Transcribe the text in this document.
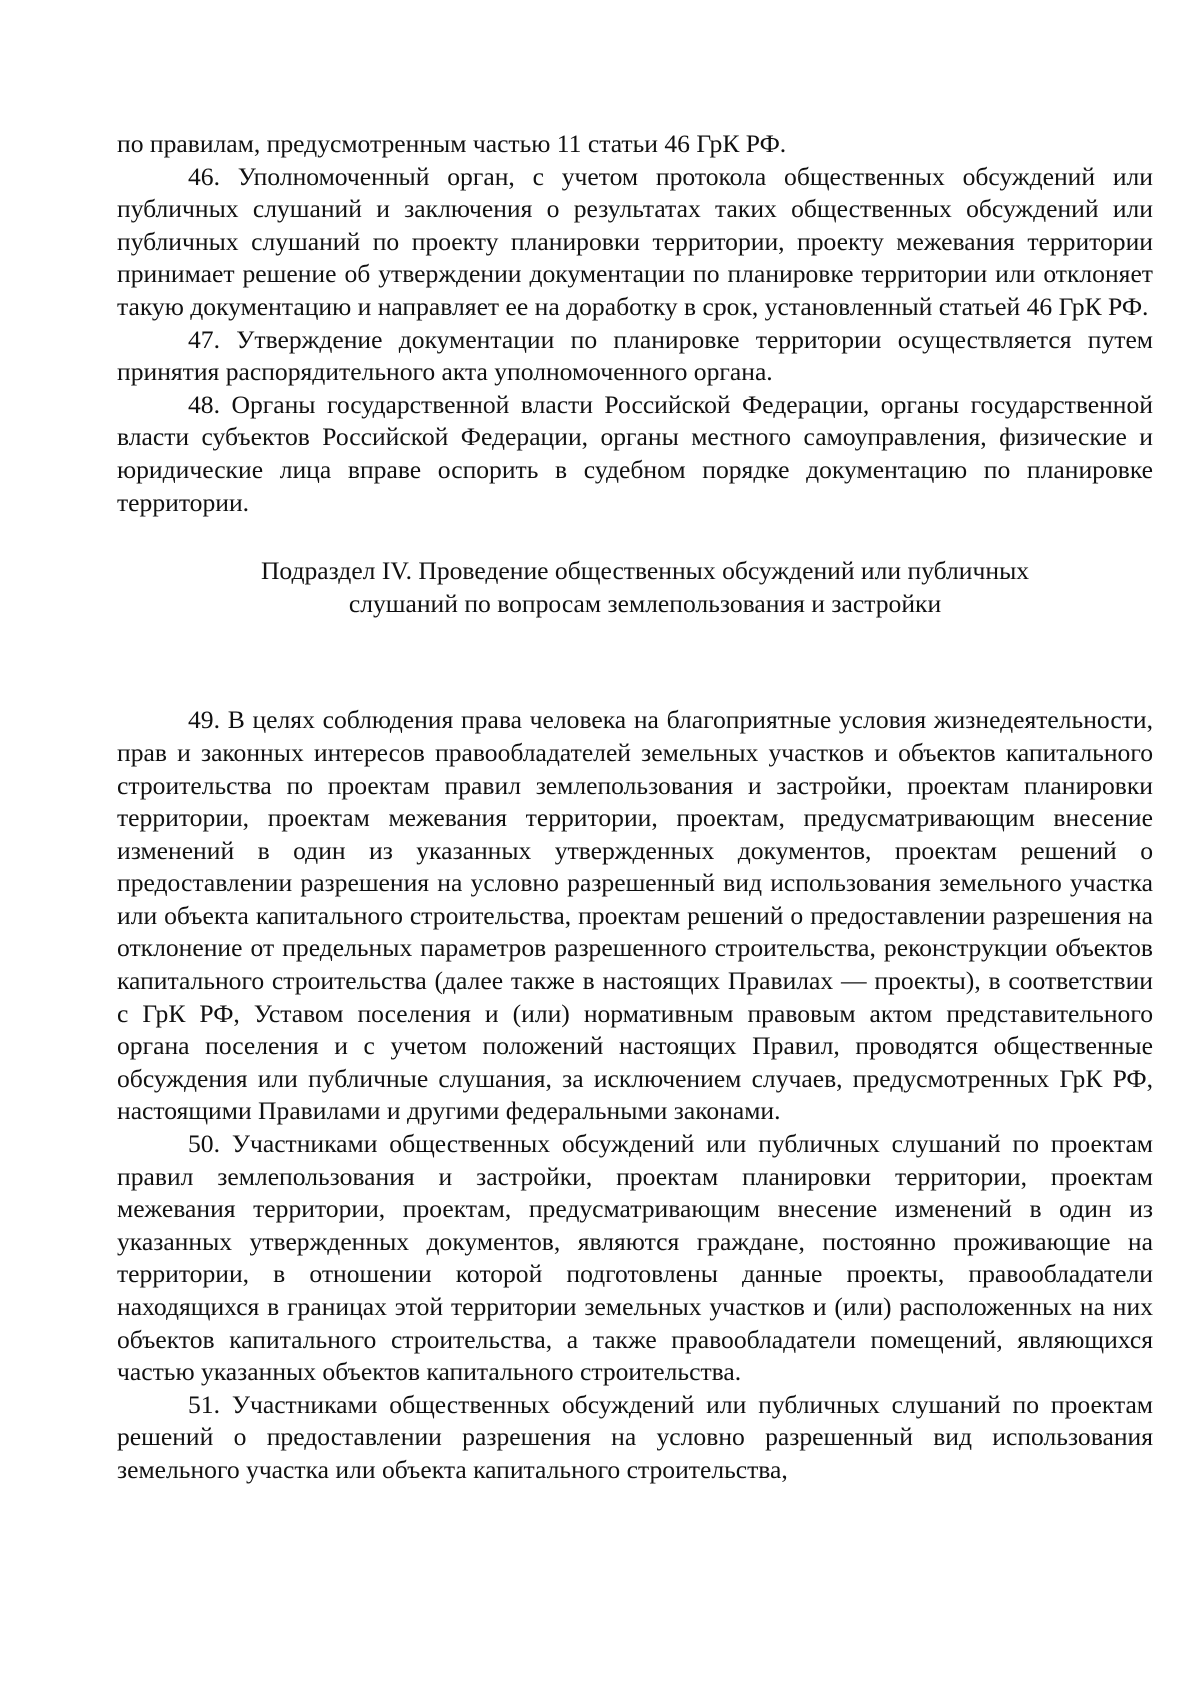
по правилам, предусмотренным частью 11 статьи 46 ГрК РФ.

46. Уполномоченный орган, с учетом протокола общественных обсуждений или публичных слушаний и заключения о результатах таких общественных обсуждений или публичных слушаний по проекту планировки территории, проекту межевания территории принимает решение об утверждении документации по планировке территории или отклоняет такую документацию и направляет ее на доработку в срок, установленный статьей 46 ГрК РФ.

47. Утверждение документации по планировке территории осуществляется путем принятия распорядительного акта уполномоченного органа.

48. Органы государственной власти Российской Федерации, органы государственной власти субъектов Российской Федерации, органы местного самоуправления, физические и юридические лица вправе оспорить в судебном порядке документацию по планировке территории.

Подраздел IV. Проведение общественных обсуждений или публичных
слушаний по вопросам землепользования и застройки

49. В целях соблюдения права человека на благоприятные условия жизнедеятельности, прав и законных интересов правообладателей земельных участков и объектов капитального строительства по проектам правил землепользования и застройки, проектам планировки территории, проектам межевания территории, проектам, предусматривающим внесение изменений в один из указанных утвержденных документов, проектам решений о предоставлении разрешения на условно разрешенный вид использования земельного участка или объекта капитального строительства, проектам решений о предоставлении разрешения на отклонение от предельных параметров разрешенного строительства, реконструкции объектов капитального строительства (далее также в настоящих Правилах — проекты), в соответствии с ГрК РФ, Уставом поселения и (или) нормативным правовым актом представительного органа поселения и с учетом положений настоящих Правил, проводятся общественные обсуждения или публичные слушания, за исключением случаев, предусмотренных ГрК РФ, настоящими Правилами и другими федеральными законами.

50. Участниками общественных обсуждений или публичных слушаний по проектам правил землепользования и застройки, проектам планировки территории, проектам межевания территории, проектам, предусматривающим внесение изменений в один из указанных утвержденных документов, являются граждане, постоянно проживающие на территории, в отношении которой подготовлены данные проекты, правообладатели находящихся в границах этой территории земельных участков и (или) расположенных на них объектов капитального строительства, а также правообладатели помещений, являющихся частью указанных объектов капитального строительства.

51. Участниками общественных обсуждений или публичных слушаний по проектам решений о предоставлении разрешения на условно разрешенный вид использования земельного участка или объекта капитального строительства,
